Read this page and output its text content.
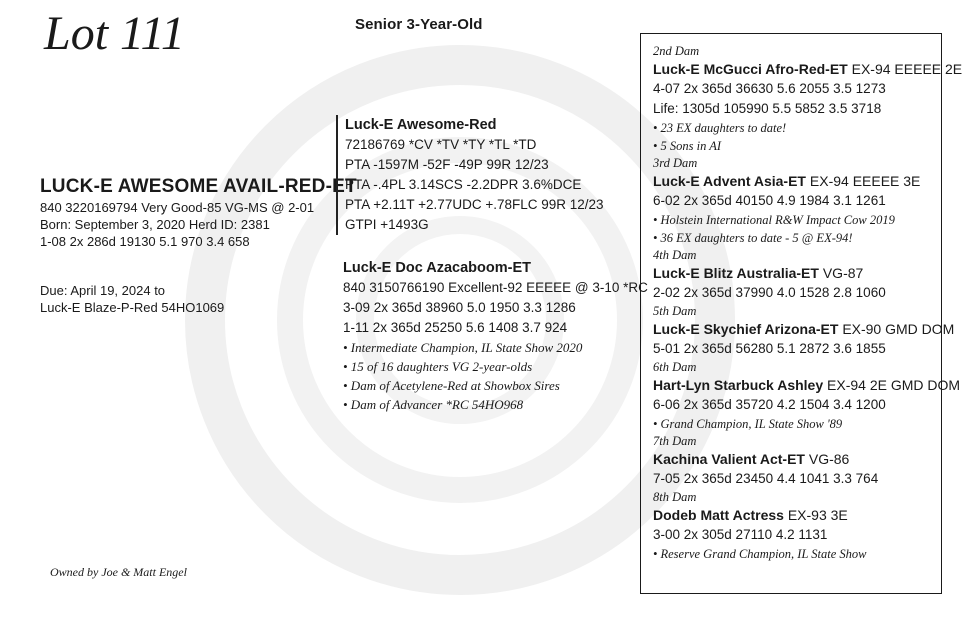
Lot 111	Senior 3-Year-Old
LUCK-E AWESOME AVAIL-RED-ET
840 3220169794 Very Good-85 VG-MS @ 2-01
Born: September 3, 2020 Herd ID: 2381
1-08 2x 286d 19130 5.1 970 3.4 658
Due: April 19, 2024 to
Luck-E Blaze-P-Red 54HO1069
Owned by Joe & Matt Engel
Luck-E Awesome-Red
72186769 *CV *TV *TY *TL *TD
PTA -1597M -52F -49P 99R 12/23
PTA -.4PL 3.14SCS -2.2DPR 3.6%DCE
PTA +2.11T +2.77UDC +.78FLC 99R 12/23
GTPI +1493G
Luck-E Doc Azacaboom-ET
840 3150766190 Excellent-92 EEEEE @ 3-10 *RC
3-09 2x 365d 38960 5.0 1950 3.3 1286
1-11 2x 365d 25250 5.6 1408 3.7 924
• Intermediate Champion, IL State Show 2020
• 15 of 16 daughters VG 2-year-olds
• Dam of Acetylene-Red at Showbox Sires
• Dam of Advancer *RC 54HO968
2nd Dam
Luck-E McGucci Afro-Red-ET EX-94 EEEEE 2E
4-07 2x 365d 36630 5.6 2055 3.5 1273
Life: 1305d 105990 5.5 5852 3.5 3718
• 23 EX daughters to date!
• 5 Sons in AI
3rd Dam
Luck-E Advent Asia-ET EX-94 EEEEE 3E
6-02 2x 365d 40150 4.9 1984 3.1 1261
• Holstein International R&W Impact Cow 2019
• 36 EX daughters to date - 5 @ EX-94!
4th Dam
Luck-E Blitz Australia-ET VG-87
2-02 2x 365d 37990 4.0 1528 2.8 1060
5th Dam
Luck-E Skychief Arizona-ET EX-90 GMD DOM
5-01 2x 365d 56280 5.1 2872 3.6 1855
6th Dam
Hart-Lyn Starbuck Ashley EX-94 2E GMD DOM
6-06 2x 365d 35720 4.2 1504 3.4 1200
• Grand Champion, IL State Show '89
7th Dam
Kachina Valient Act-ET VG-86
7-05 2x 365d 23450 4.4 1041 3.3 764
8th Dam
Dodeb Matt Actress EX-93 3E
3-00 2x 305d 27110 4.2 1131
• Reserve Grand Champion, IL State Show
